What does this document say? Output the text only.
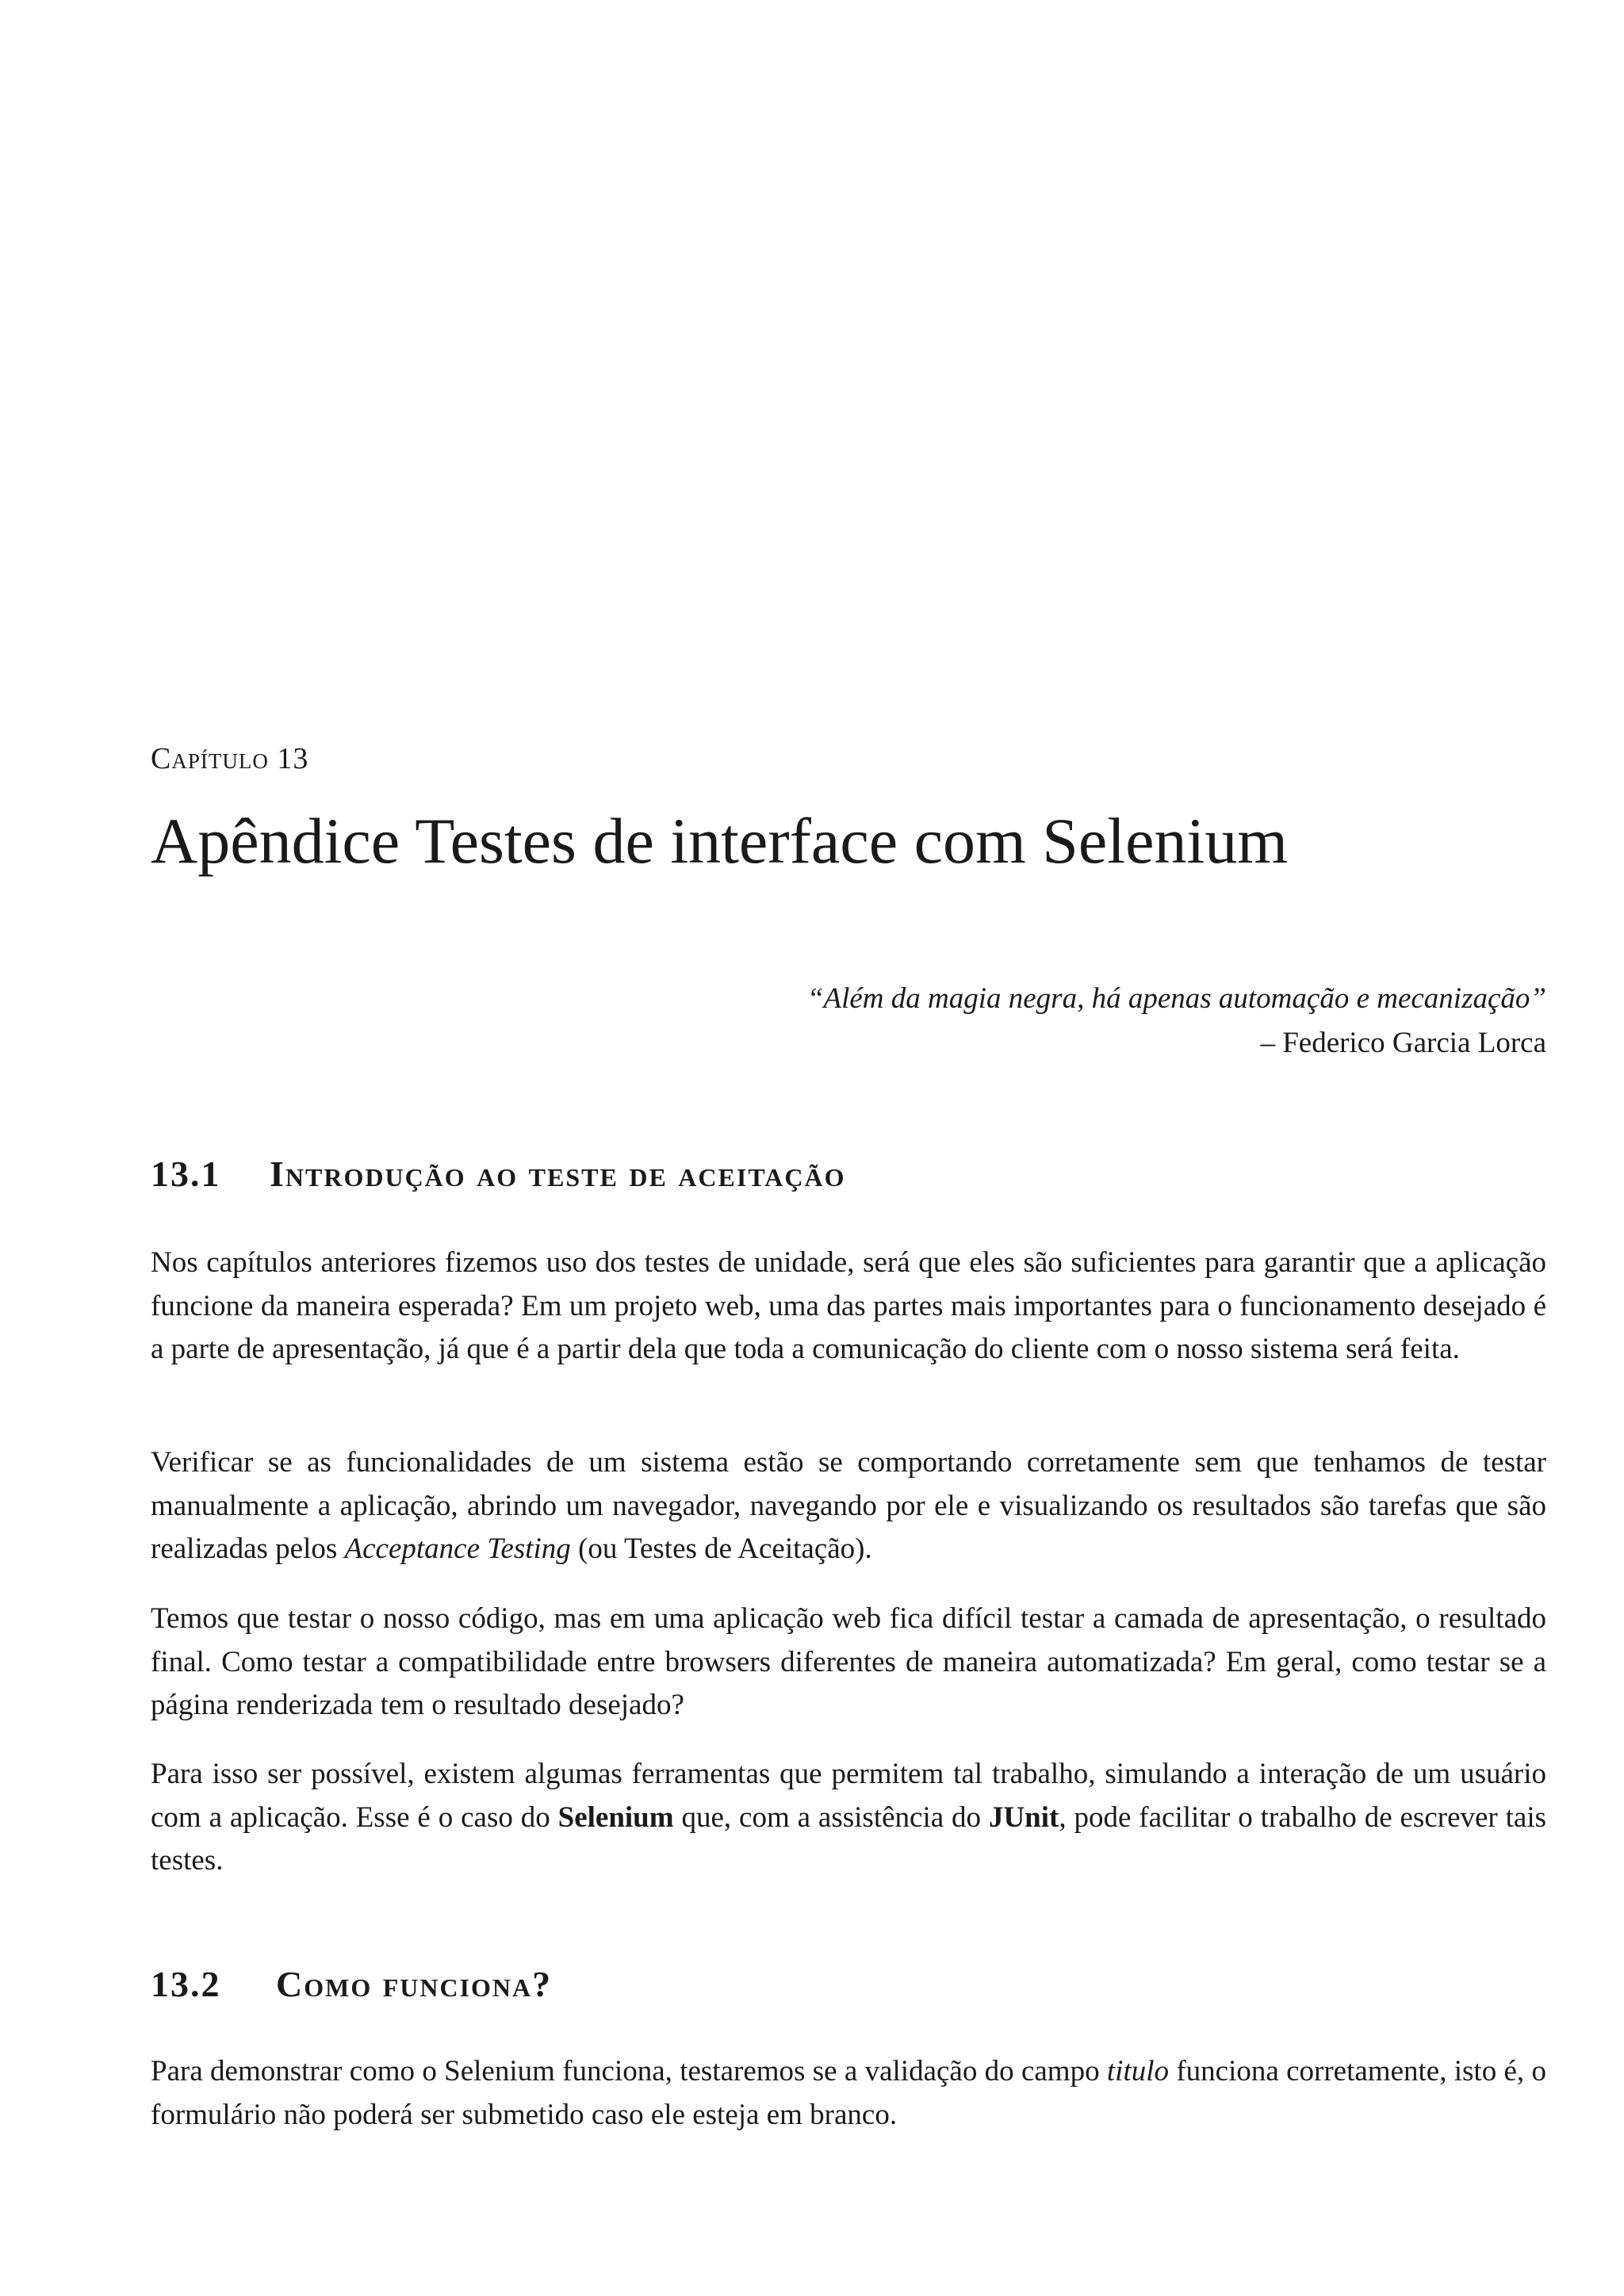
Capítulo 13
Apêndice Testes de interface com Selenium
“Além da magia negra, há apenas automação e mecanização”
– Federico Garcia Lorca
13.1 Introdução ao teste de aceitação

Nos capítulos anteriores fizemos uso dos testes de unidade, será que eles são suficientes para garantir que a aplicação funcione da maneira esperada? Em um projeto web, uma das partes mais importantes para o funcionamento desejado é a parte de apresentação, já que é a partir dela que toda a comunicação do cliente com o nosso sistema será feita.

Verificar se as funcionalidades de um sistema estão se comportando corretamente sem que tenhamos de testar manualmente a aplicação, abrindo um navegador, navegando por ele e visualizando os resultados são tarefas que são realizadas pelos Acceptance Testing (ou Testes de Aceitação).

Temos que testar o nosso código, mas em uma aplicação web fica difícil testar a camada de apresentação, o resultado final. Como testar a compatibilidade entre browsers diferentes de maneira automatizada? Em geral, como testar se a página renderizada tem o resultado desejado?

Para isso ser possível, existem algumas ferramentas que permitem tal trabalho, simulando a interação de um usuário com a aplicação. Esse é o caso do Selenium que, com a assistência do JUnit, pode facilitar o trabalho de escrever tais testes.

13.2 Como funciona?

Para demonstrar como o Selenium funciona, testaremos se a validação do campo titulo funciona corretamente, isto é, o formulário não poderá ser submetido caso ele esteja em branco.
